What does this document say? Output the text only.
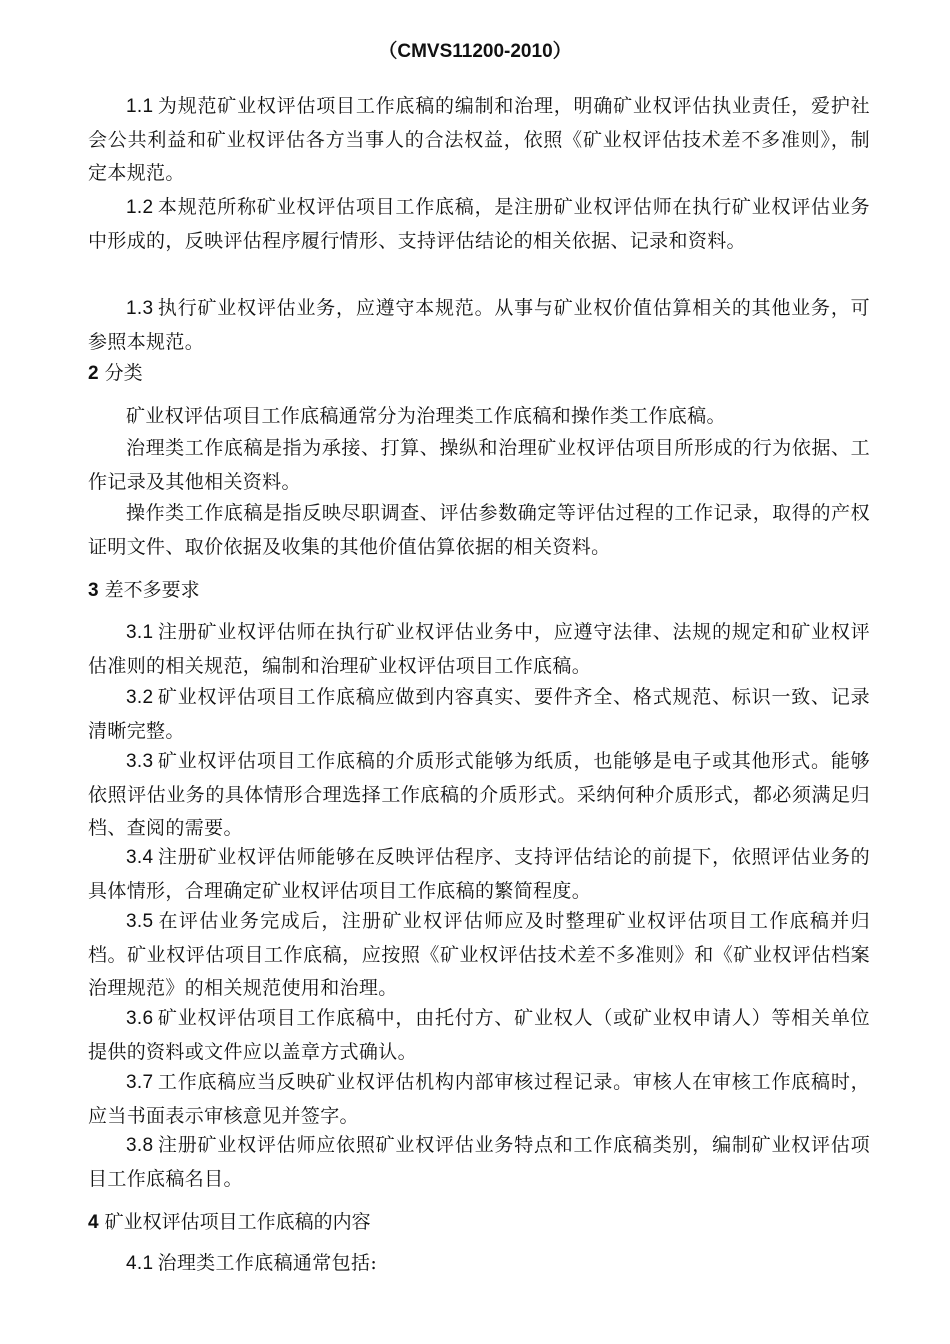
（CMVS11200-2010）

1.1 为规范矿业权评估项目工作底稿的编制和治理，明确矿业权评估执业责任，爱护社会公共利益和矿业权评估各方当事人的合法权益，依照《矿业权评估技术差不多准则》，制定本规范。

1.2 本规范所称矿业权评估项目工作底稿，是注册矿业权评估师在执行矿业权评估业务中形成的，反映评估程序履行情形、支持评估结论的相关依据、记录和资料。

1.3 执行矿业权评估业务，应遵守本规范。从事与矿业权价值估算相关的其他业务，可参照本规范。

2 分类

矿业权评估项目工作底稿通常分为治理类工作底稿和操作类工作底稿。

治理类工作底稿是指为承接、打算、操纵和治理矿业权评估项目所形成的行为依据、工作记录及其他相关资料。

操作类工作底稿是指反映尽职调查、评估参数确定等评估过程的工作记录，取得的产权证明文件、取价依据及收集的其他价值估算依据的相关资料。

3 差不多要求

3.1 注册矿业权评估师在执行矿业权评估业务中，应遵守法律、法规的规定和矿业权评估准则的相关规范，编制和治理矿业权评估项目工作底稿。

3.2 矿业权评估项目工作底稿应做到内容真实、要件齐全、格式规范、标识一致、记录清晰完整。

3.3 矿业权评估项目工作底稿的介质形式能够为纸质，也能够是电子或其他形式。能够依照评估业务的具体情形合理选择工作底稿的介质形式。采纳何种介质形式，都必须满足归档、查阅的需要。

3.4 注册矿业权评估师能够在反映评估程序、支持评估结论的前提下，依照评估业务的具体情形，合理确定矿业权评估项目工作底稿的繁简程度。

3.5 在评估业务完成后，注册矿业权评估师应及时整理矿业权评估项目工作底稿并归档。矿业权评估项目工作底稿，应按照《矿业权评估技术差不多准则》和《矿业权评估档案治理规范》的相关规范使用和治理。

3.6 矿业权评估项目工作底稿中，由托付方、矿业权人（或矿业权申请人）等相关单位提供的资料或文件应以盖章方式确认。

3.7 工作底稿应当反映矿业权评估机构内部审核过程记录。审核人在审核工作底稿时，应当书面表示审核意见并签字。

3.8 注册矿业权评估师应依照矿业权评估业务特点和工作底稿类别，编制矿业权评估项目工作底稿名目。

4 矿业权评估项目工作底稿的内容

4.1 治理类工作底稿通常包括:
